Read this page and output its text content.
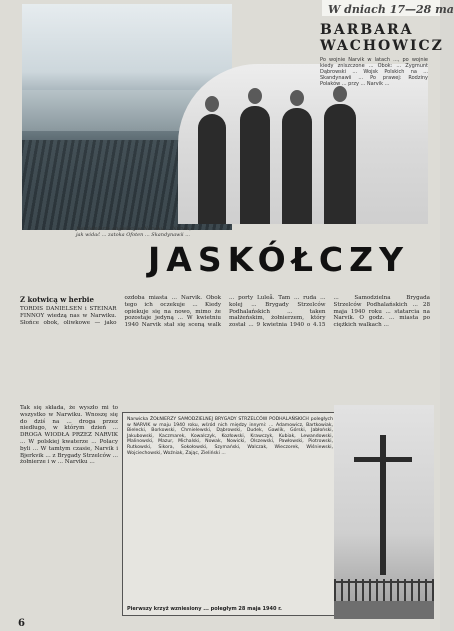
W dniach 17—28 ma
BARBARA
WACHOWICZ
Po wojnie Narvik w latach ..., po wojnie kiedy zniszczone ... Obok: ... Zygmunt Dąbrowski ... Wojsk Polskich na ... Skandynawii ... Po prawej: Rodziny Polaków ... przy ... Narvik ...
Jest żołnierze angielscy w Narviku ... Narvik, jak widać ... zatoka Ofoten ... Skandynawii ...
JASKÓŁCZY
Z kotwicą w herbie
TORDIS DANIELSEN i STEINAR FINNOY wiedzą nas w Narwiku. Słońce obok, oliwkowe — jako ozdoba miasta ... Narvik. Obok tego ich oczekuje ... Kiedy opiekuje się na nowo, mimo że pozostaje jedyną ... W kwietniu 1940 Narvik stał się sceną walk ... porty Luleå. Tam ... ruda ... kolej ... Brygady Strzelców Podhalańskich ... taken małżeńskim, żołnierzem, który został ... 9 kwietnia 1940 o 4.15 ... Samodzielna Brygada Strzelców Podhalańskich ... 28 maja 1940 roku ... statarcia na Narvik. O godz. ... miasta po ciężkich walkach ...
Tak się składa, że wyszło mi to wszystko w Narwiku. Wnoszę się do dziś na ... droga przez niedługo, w którym dzień ... DROGA WIODŁA PRZEZ NARVIK ... W polskiej kwaterze ... Polacy byli ... W tamtym czasie, Narvik i Bjerkvik ... z Brygady Strzelców ... żołnierze i w ... Narviku ...
Narwicka ŻOŁNIERZY SAMODZIELNEJ BRYGADY STRZELCÓW PODHALAŃSKICH poległych w NARVIK w maju 1940 roku, wśród nich między innymi: ... Adamowicz, Bartkowiak, Bielecki, Borkowski, Chmielewski, Dąbrowski, Dudek, Gawlik, Górski, Jabłoński, Jakubowski, Kaczmarek, Kowalczyk, Kozłowski, Krawczyk, Kubiak, Lewandowski, Malinowski, Mazur, Michalski, Nowak, Nowicki, Olszewski, Pawłowski, Piotrowski, Rutkowski, Sikora, Sokołowski, Szymański, Walczak, Wieczorek, Wiśniewski, Wojciechowski, Woźniak, Zając, Zieliński ...
Pierwszy krzyż wzniesiony ... poległym 28 maja 1940 r.
6
